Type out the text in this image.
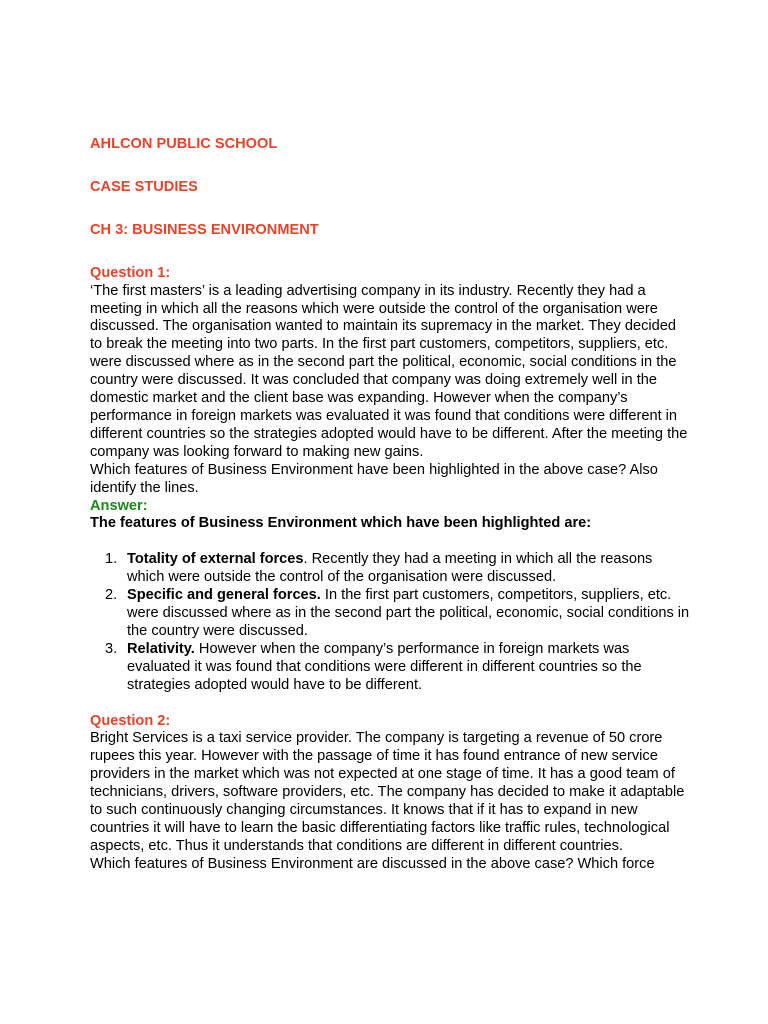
AHLCON PUBLIC SCHOOL

CASE STUDIES

CH 3: BUSINESS ENVIRONMENT

Question 1:

‘The first masters’ is a leading advertising company in its industry. Recently they had a meeting in which all the reasons which were outside the control of the organisation were discussed. The organisation wanted to maintain its supremacy in the market. They decided to break the meeting into two parts. In the first part customers, competitors, suppliers, etc. were discussed where as in the second part the political, economic, social conditions in the country were discussed. It was concluded that company was doing extremely well in the domestic market and the client base was expanding. However when the company’s performance in foreign markets was evaluated it was found that conditions were different in different countries so the strategies adopted would have to be different. After the meeting the company was looking forward to making new gains.

Which features of Business Environment have been highlighted in the above case? Also identify the lines.

Answer:

The features of Business Environment which have been highlighted are:

1. Totality of external forces. Recently they had a meeting in which all the reasons which were outside the control of the organisation were discussed.
2. Specific and general forces. In the first part customers, competitors, suppliers, etc. were discussed where as in the second part the political, economic, social conditions in the country were discussed.
3. Relativity. However when the company’s performance in foreign markets was evaluated it was found that conditions were different in different countries so the strategies adopted would have to be different.

Question 2:

Bright Services is a taxi service provider. The company is targeting a revenue of 50 crore rupees this year. However with the passage of time it has found entrance of new service providers in the market which was not expected at one stage of time. It has a good team of technicians, drivers, software providers, etc. The company has decided to make it adaptable to such continuously changing circumstances. It knows that if it has to expand in new countries it will have to learn the basic differentiating factors like traffic rules, technological aspects, etc. Thus it understands that conditions are different in different countries.

Which features of Business Environment are discussed in the above case? Which force
